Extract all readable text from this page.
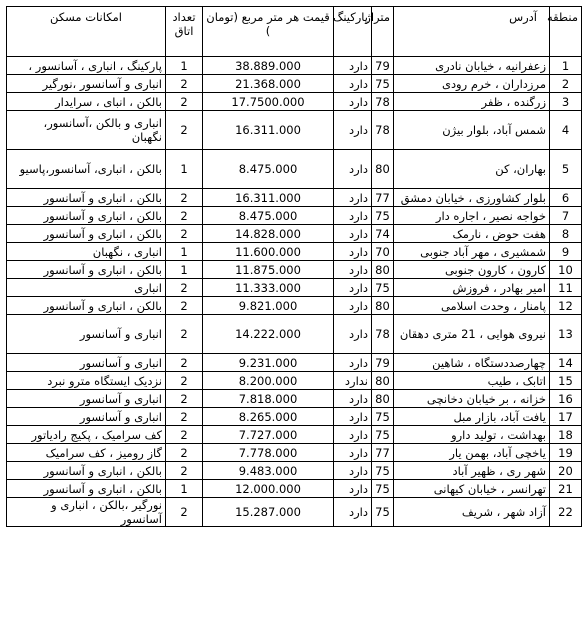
منطقه	آدرس	متراژ	پارکینگ	قیمت هر متر مربع (تومان )	تعداد اتاق	امکانات مسکن
1	زعفرانیه ، خیابان نادری	79	دارد	38.889.000	1	پارکینگ ، انباری ، آسانسور ،
2	مرزداران ، خرم رودی	75	دارد	21.368.000	2	انباری و آسانسور ،نورگیر
3	زرگنده ، ظفر	78	دارد	17.7500.000	2	بالکن ، انبای ، سرایدار
4	شمس آباد، بلوار بیژن	78	دارد	16.311.000	2	انباری و بالکن ،آسانسور، نگهبان
5	بهاران، کن	80	دارد	8.475.000	1	بالکن ، انباری، آسانسور،پاسیو
6	بلوار کشاورزی ، خیابان دمشق	77	دارد	16.311.000	2	بالکن ، انباری و آسانسور
7	خواجه نصیر ، اجاره دار	75	دارد	8.475.000	2	بالکن ، انباری و آسانسور
8	هفت حوض ، نارمک	74	دارد	14.828.000	2	بالکن ، انباری و آسانسور
9	شمشیری ، مهر آباد جنوبی	70	دارد	11.600.000	1	انباری ، نگهبان
10	کارون ، کارون جنوبی	80	دارد	11.875.000	1	بالکن ، انباری و آسانسور
11	امیر بهادر ، فروزش	75	دارد	11.333.000	2	انباری
12	پامنار ، وحدت اسلامی	80	دارد	9.821.000	2	بالکن ، انباری و آسانسور
13	نیروی هوایی ، 21 متری دهقان	78	دارد	14.222.000	2	انباری و آسانسور
14	چهارصددستگاه ، شاهین	79	دارد	9.231.000	2	انباری و آسانسور
15	اتابک ، طیب	80	ندارد	8.200.000	2	نزدیک ایستگاه مترو نبرد
16	خزانه ، بر خیابان دخانچی	80	دارد	7.818.000	2	انباری و آسانسور
17	یافت آباد، بازار مبل	75	دارد	8.265.000	2	انباری و آسانسور
18	بهداشت ، تولید دارو	75	دارد	7.727.000	2	کف سرامیک ، پکیج رادیاتور
19	یاخچی آباد، بهمن یار	77	دارد	7.778.000	2	گاز رومیز ، کف سرامیک
20	شهر ری ، ظهیر آباد	75	دارد	9.483.000	2	بالکن ، انباری و آسانسور
21	تهرانسر ، خیابان کیهانی	75	دارد	12.000.000	1	بالکن ، انباری و آسانسور
22	آزاد شهر ، شریف	75	دارد	15.287.000	2	نورگیر ،بالکن ، انباری و آسانسور
